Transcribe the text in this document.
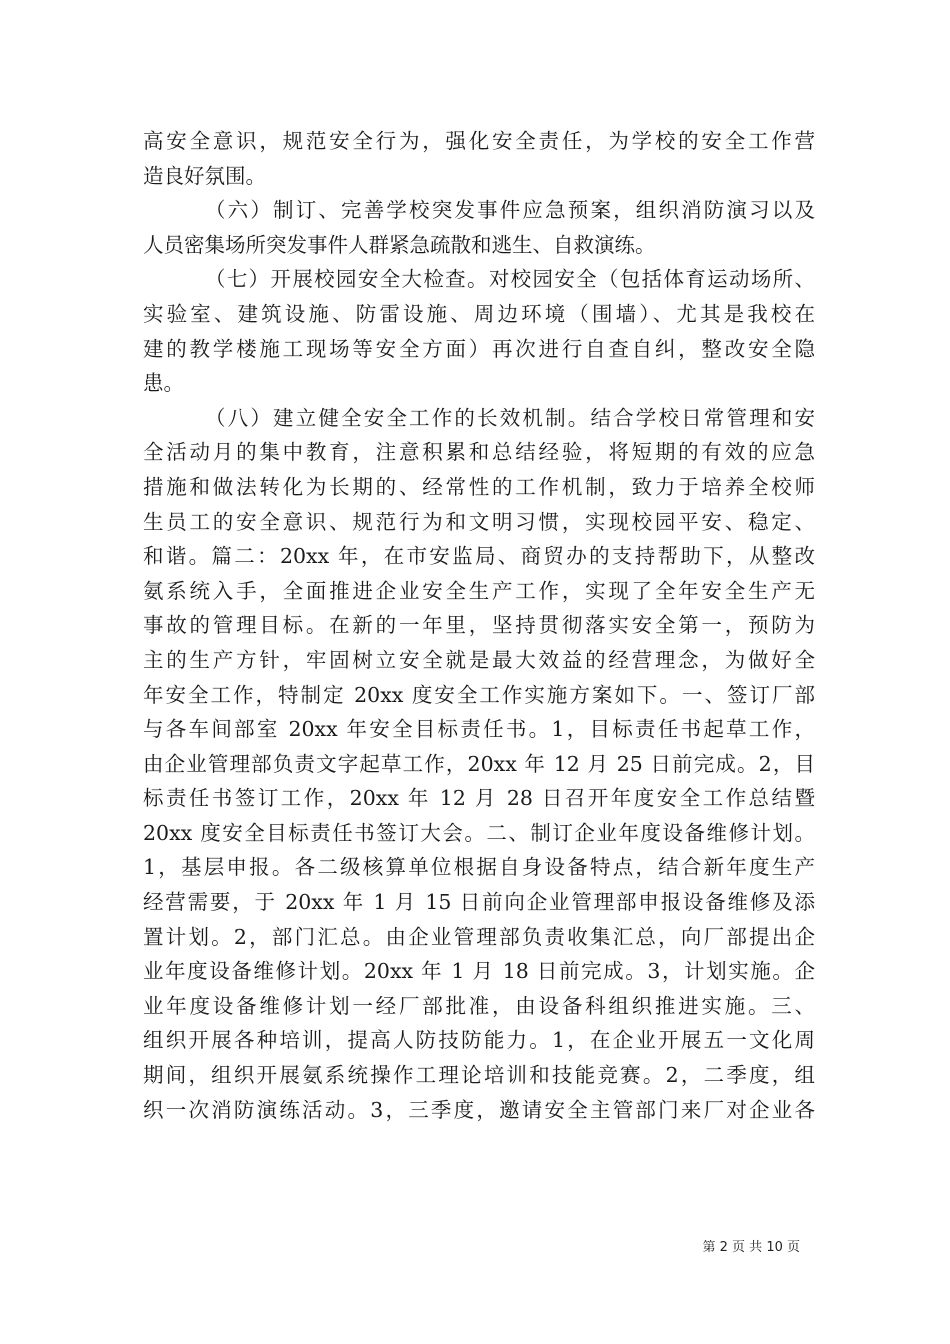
高安全意识，规范安全行为，强化安全责任，为学校的安全工作营
造良好氛围。
（六）制订、完善学校突发事件应急预案，组织消防演习以及
人员密集场所突发事件人群紧急疏散和逃生、自救演练。
（七）开展校园安全大检查。对校园安全（包括体育运动场所、
实验室、建筑设施、防雷设施、周边环境（围墙）、尤其是我校在
建的教学楼施工现场等安全方面）再次进行自查自纠，整改安全隐
患。
（八）建立健全安全工作的长效机制。结合学校日常管理和安
全活动月的集中教育，注意积累和总结经验，将短期的有效的应急
措施和做法转化为长期的、经常性的工作机制，致力于培养全校师
生员工的安全意识、规范行为和文明习惯，实现校园平安、稳定、
和谐。篇二：20xx 年，在市安监局、商贸办的支持帮助下，从整改
氨系统入手，全面推进企业安全生产工作，实现了全年安全生产无
事故的管理目标。在新的一年里，坚持贯彻落实安全第一，预防为
主的生产方针，牢固树立安全就是最大效益的经营理念，为做好全
年安全工作，特制定 20xx 度安全工作实施方案如下。一、签订厂部
与各车间部室 20xx 年安全目标责任书。1，目标责任书起草工作，
由企业管理部负责文字起草工作，20xx 年 12 月 25 日前完成。2，目
标责任书签订工作，20xx 年 12 月 28 日召开年度安全工作总结暨
20xx 度安全目标责任书签订大会。二、制订企业年度设备维修计划。
1，基层申报。各二级核算单位根据自身设备特点，结合新年度生产
经营需要，于 20xx 年 1 月 15 日前向企业管理部申报设备维修及添
置计划。2，部门汇总。由企业管理部负责收集汇总，向厂部提出企
业年度设备维修计划。20xx 年 1 月 18 日前完成。3，计划实施。企
业年度设备维修计划一经厂部批准，由设备科组织推进实施。三、
组织开展各种培训，提高人防技防能力。1，在企业开展五一文化周
期间，组织开展氨系统操作工理论培训和技能竞赛。2，二季度，组
织一次消防演练活动。3，三季度，邀请安全主管部门来厂对企业各
第 2 页 共 10 页
